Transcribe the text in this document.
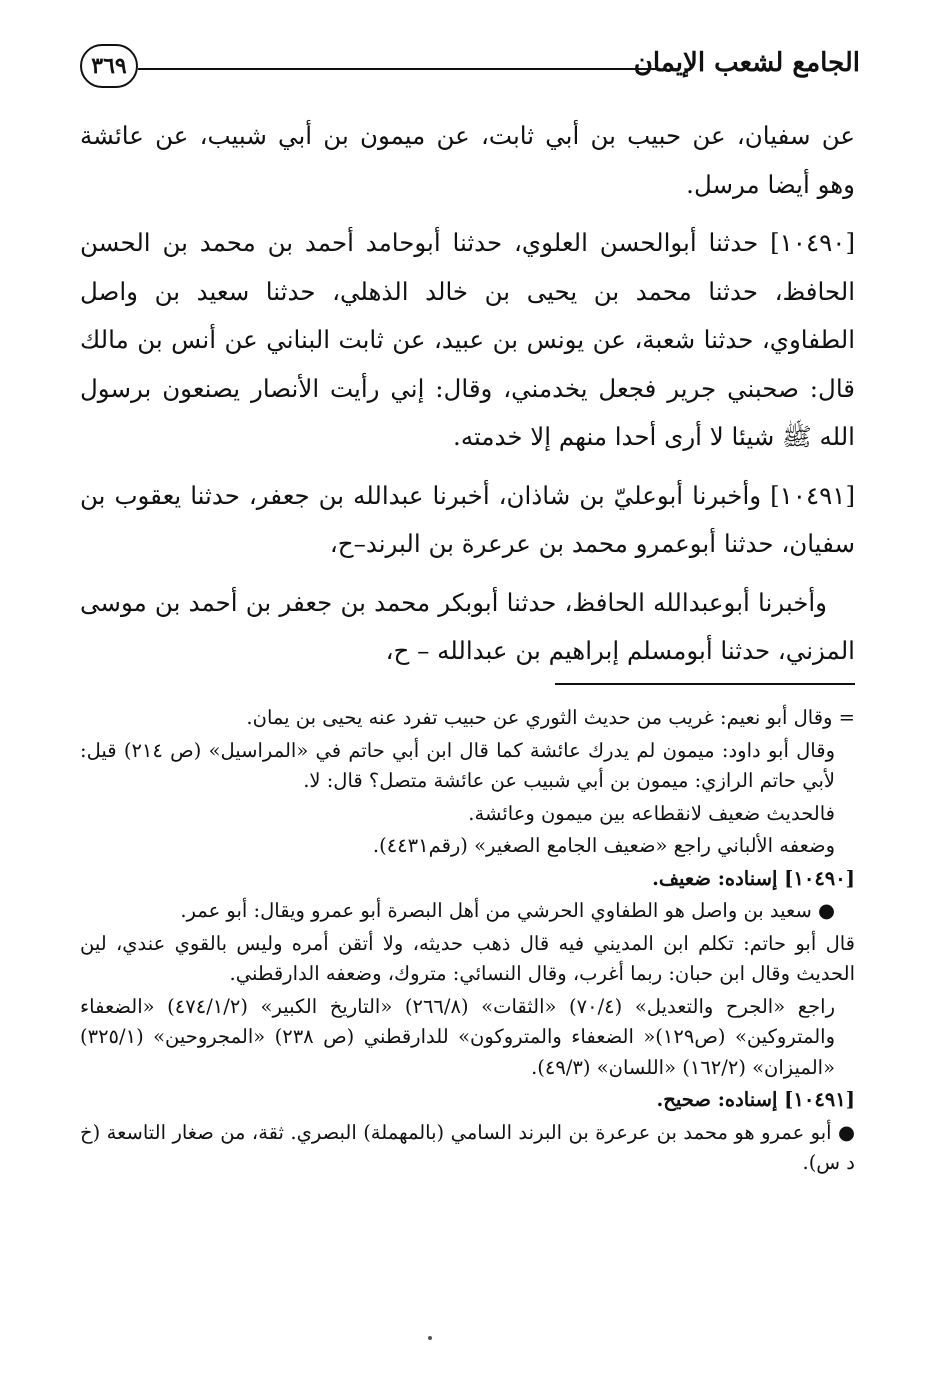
٣٦٩	الجامع لشعب الإيمان

عن سفيان، عن حبيب بن أبي ثابت، عن ميمون بن أبي شبيب، عن عائشة وهو أيضا مرسل.

[١٠٤٩٠] حدثنا أبوالحسن العلوي، حدثنا أبوحامد أحمد بن محمد بن الحسن الحافظ، حدثنا محمد بن يحيى بن خالد الذهلي، حدثنا سعيد بن واصل الطفاوي، حدثنا شعبة، عن يونس بن عبيد، عن ثابت البناني عن أنس بن مالك قال: صحبني جرير فجعل يخدمني، وقال: إني رأيت الأنصار يصنعون برسول الله ﷺ شيئا لا أرى أحدا منهم إلا خدمته.

[١٠٤٩١] وأخبرنا أبوعليّ بن شاذان، أخبرنا عبدالله بن جعفر، حدثنا يعقوب بن سفيان، حدثنا أبوعمرو محمد بن عرعرة بن البرند–ح،

وأخبرنا أبوعبدالله الحافظ، حدثنا أبوبكر محمد بن جعفر بن أحمد بن موسى المزني، حدثنا أبومسلم إبراهيم بن عبدالله – ح،

= وقال أبو نعيم: غريب من حديث الثوري عن حبيب تفرد عنه يحيى بن يمان.

وقال أبو داود: ميمون لم يدرك عائشة كما قال ابن أبي حاتم في «المراسيل» (ص ٢١٤) قيل: لأبي حاتم الرازي: ميمون بن أبي شبيب عن عائشة متصل؟ قال: لا.

فالحديث ضعيف لانقطاعه بين ميمون وعائشة.

وضعفه الألباني راجع «ضعيف الجامع الصغير» (رقم٤٤٣١).

[١٠٤٩٠] إسناده: ضعيف.

● سعيد بن واصل هو الطفاوي الحرشي من أهل البصرة أبو عمرو ويقال: أبو عمر.

قال أبو حاتم: تكلم ابن المديني فيه قال ذهب حديثه، ولا أتقن أمره وليس بالقوي عندي، لين الحديث وقال ابن حبان: ربما أغرب، وقال النسائي: متروك، وضعفه الدارقطني.

راجع «الجرح والتعديل» (٧٠/٤) «الثقات» (٢٦٦/٨) «التاريخ الكبير» (٤٧٤/١/٢) «الضعفاء والمتروكين» (ص١٢٩)« الضعفاء والمتروكون» للدارقطني (ص ٢٣٨) «المجروحين» (٣٢٥/١) «الميزان» (١٦٢/٢) «اللسان» (٤٩/٣).

[١٠٤٩١] إسناده: صحيح.

● أبو عمرو هو محمد بن عرعرة بن البرند السامي (بالمهملة) البصري. ثقة، من صغار التاسعة (خ د س).
